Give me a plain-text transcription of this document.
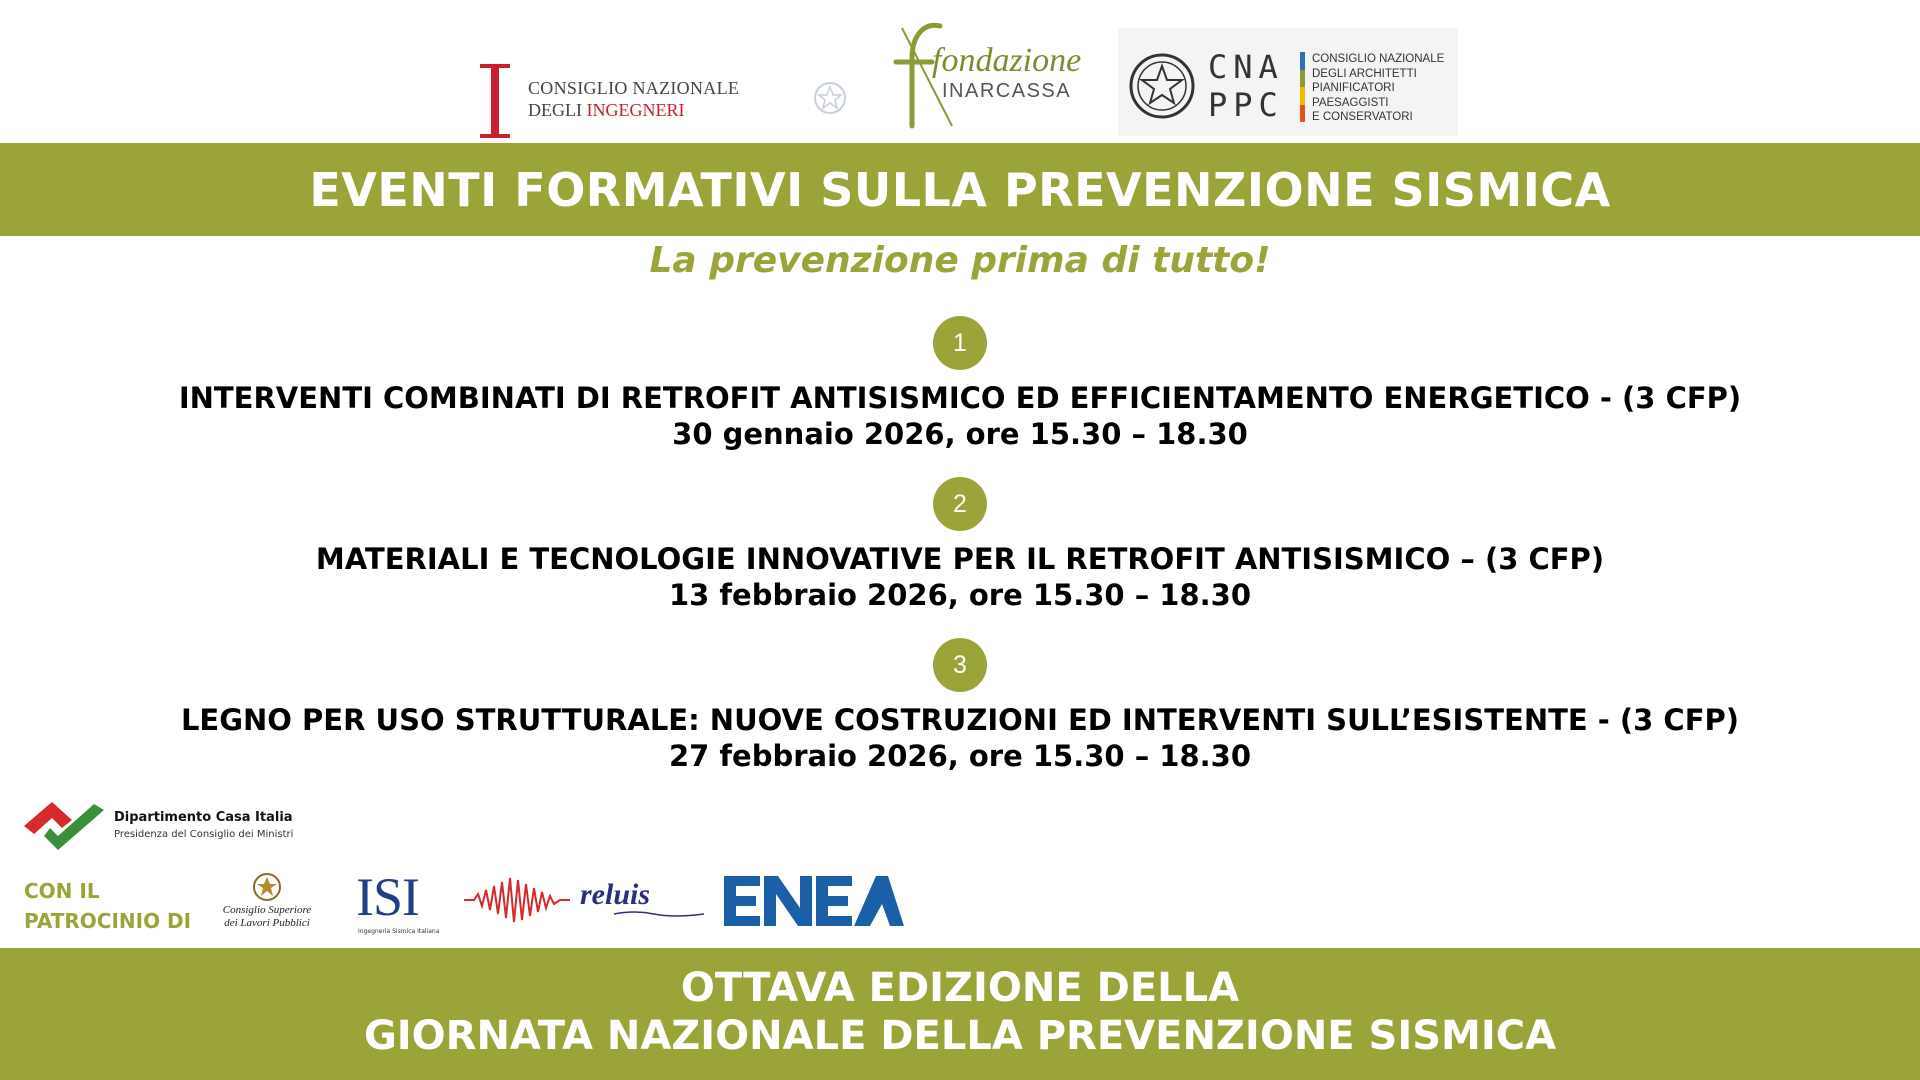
CONSIGLIO NAZIONALE
DEGLI INGEGNERI
fondazione
INARCASSA
CNA
PPC
CONSIGLIO NAZIONALE
DEGLI ARCHITETTI
PIANIFICATORI
PAESAGGISTI
E CONSERVATORI
EVENTI FORMATIVI SULLA PREVENZIONE SISMICA
La prevenzione prima di tutto!
1
INTERVENTI COMBINATI DI RETROFIT ANTISISMICO ED EFFICIENTAMENTO ENERGETICO - (3 CFP)
30 gennaio 2026, ore 15.30 – 18.30
2
MATERIALI E TECNOLOGIE INNOVATIVE PER IL RETROFIT ANTISISMICO – (3 CFP)
13 febbraio 2026, ore 15.30 – 18.30
3
LEGNO PER USO STRUTTURALE: NUOVE COSTRUZIONI ED INTERVENTI SULL’ESISTENTE - (3 CFP)
27 febbraio 2026, ore 15.30 – 18.30
Dipartimento Casa Italia
Presidenza del Consiglio dei Ministri
CON IL
PATROCINIO DI	Consiglio Superiore
dei Lavori Pubblici ISI
Ingegneria Sismica Italiana
reluis
OTTAVA EDIZIONE DELLA
GIORNATA NAZIONALE DELLA PREVENZIONE SISMICA
